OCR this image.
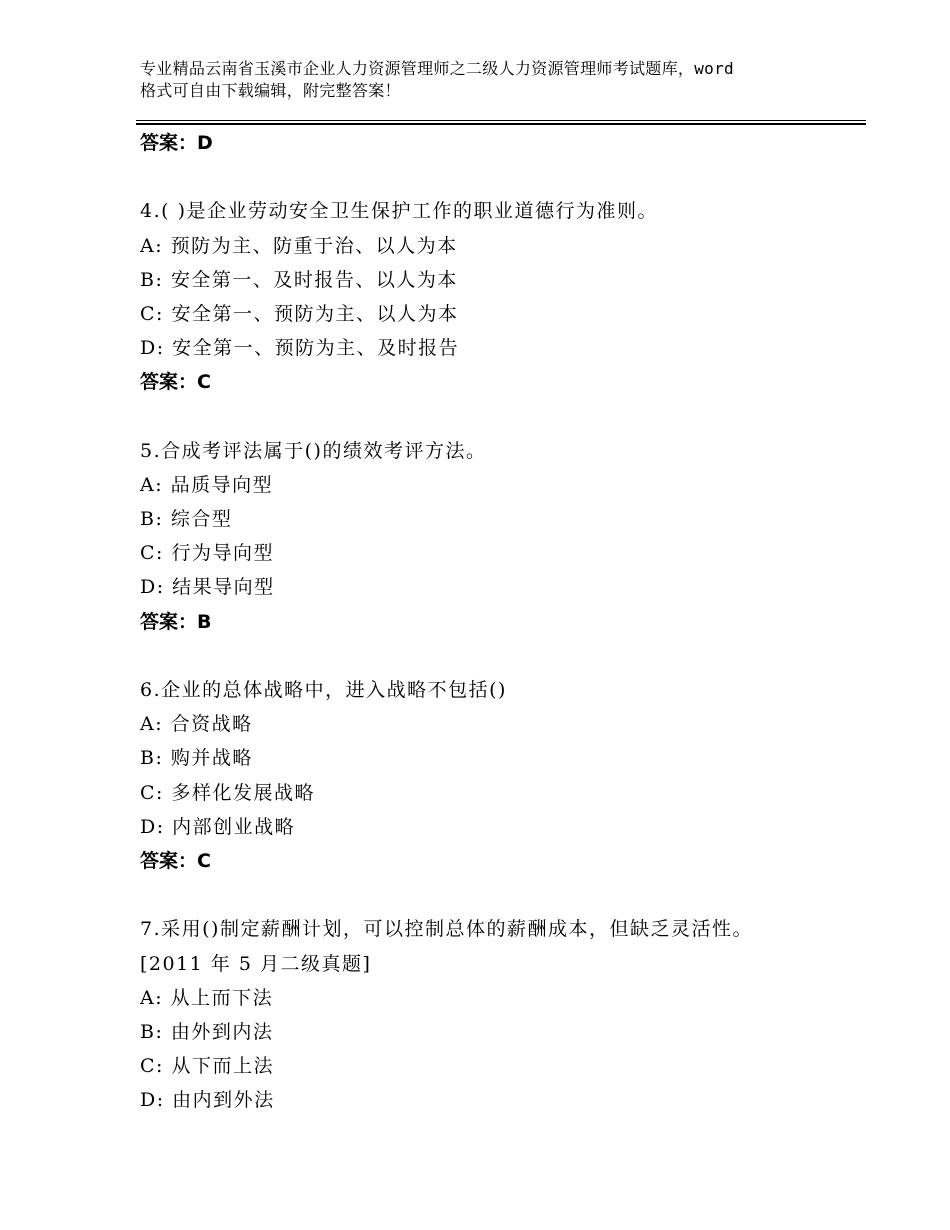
专业精品云南省玉溪市企业人力资源管理师之二级人力资源管理师考试题库，word
格式可自由下载编辑，附完整答案！
答案：D
4.( )是企业劳动安全卫生保护工作的职业道德行为准则。
A: 预防为主、防重于治、以人为本
B: 安全第一、及时报告、以人为本
C: 安全第一、预防为主、以人为本
D: 安全第一、预防为主、及时报告
答案：C
5.合成考评法属于()的绩效考评方法。
A: 品质导向型
B: 综合型
C: 行为导向型
D: 结果导向型
答案：B
6.企业的总体战略中，进入战略不包括()
A: 合资战略
B: 购并战略
C: 多样化发展战略
D: 内部创业战略
答案：C
7.采用()制定薪酬计划，可以控制总体的薪酬成本，但缺乏灵活性。
[2011 年 5 月二级真题]
A: 从上而下法
B: 由外到内法
C: 从下而上法
D: 由内到外法
